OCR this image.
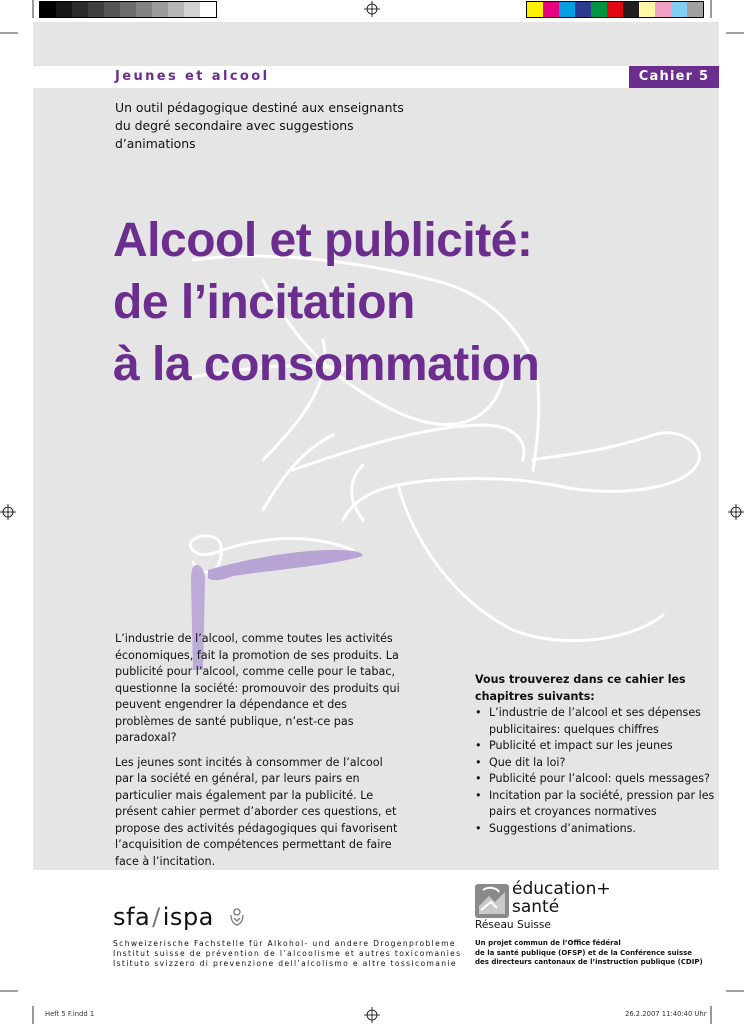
Jeunes et alcool	Cahier 5
Un outil pédagogique destiné aux enseignants du degré secondaire avec suggestions d’animations
Alcool et publicité:
de l’incitation
à la consommation

L’industrie de l’alcool, comme toutes les activités économiques, fait la promotion de ses produits. La publicité pour l’alcool, comme celle pour le tabac, questionne la société: promouvoir des produits qui peuvent engendrer la dépendance et des problèmes de santé publique, n’est-ce pas paradoxal?

Les jeunes sont incités à consommer de l’alcool par la société en général, par leurs pairs en particulier mais également par la publicité. Le présent cahier permet d’aborder ces questions, et propose des activités pédagogiques qui favorisent l’acquisition de compétences permettant de faire face à l’incitation.

Vous trouverez dans ce cahier les chapitres suivants:
• L’industrie de l’alcool et ses dépenses publicitaires: quelques chiffres
• Publicité et impact sur les jeunes
• Que dit la loi?
• Publicité pour l’alcool: quels messages?
• Incitation par la société, pression par les pairs et croyances normatives
• Suggestions d’animations.
sfa/ispa
Schweizerische Fachstelle für Alkohol- und andere Drogenprobleme
Institut suisse de prévention de l’alcoolisme et autres toxicomanies
Istituto svizzero di prevenzione dell’alcolismo e altre tossicomanie
éducation+
santé
Réseau Suisse
Un projet commun de l’Office fédéral
de la santé publique (OFSP) et de la Conférence suisse
des directeurs cantonaux de l’instruction publique (CDIP)
Heft 5 F.indd 1	26.2.2007 11:40:40 Uhr
